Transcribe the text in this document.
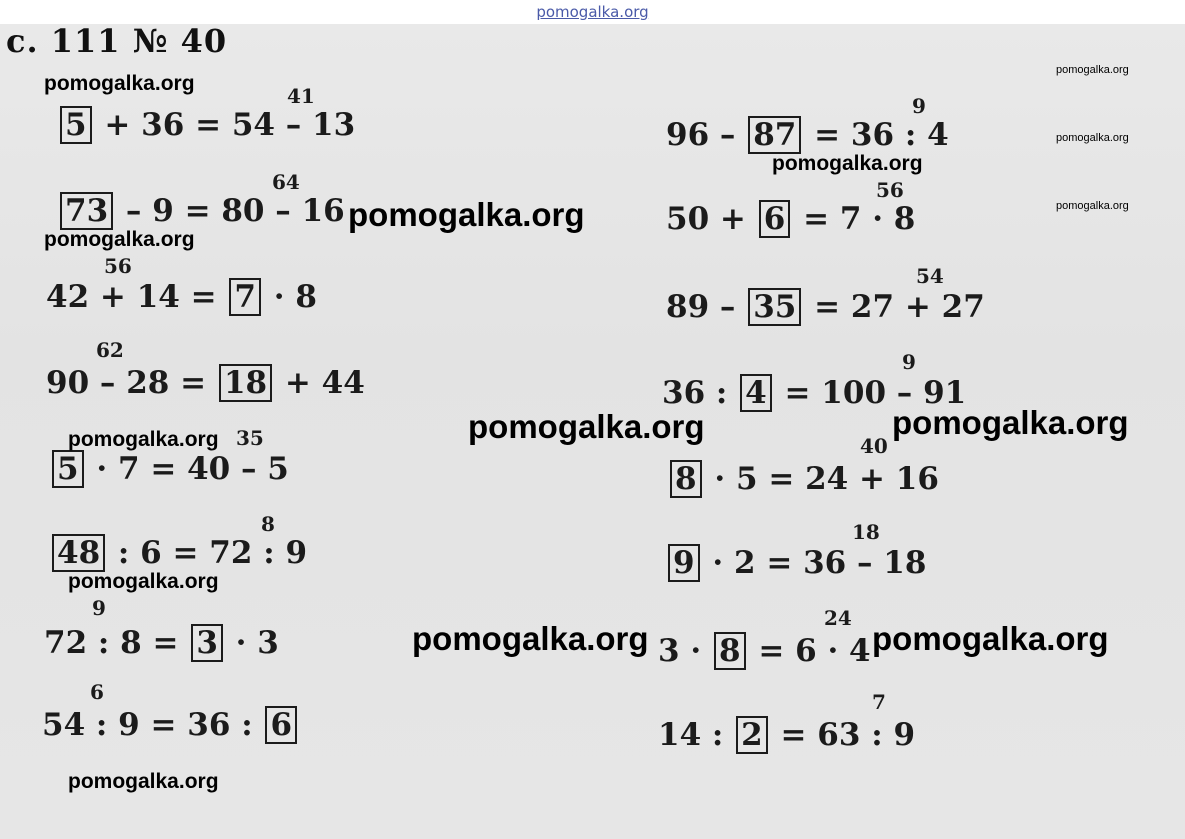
pomogalka.org
с. 111 № 40
5 + 36 = 54 – 13
41
73 – 9 = 80 – 16
64
42 + 14 = 7 · 8
56
90 – 28 = 18 + 44
62
5 · 7 = 40 – 5
35
48 : 6 = 72 : 9
8
72 : 8 = 3 · 3
9
54 : 9 = 36 : 6
6
96 – 87 = 36 : 4
9
50 + 6 = 7 · 8
56
89 – 35 = 27 + 27
54
36 : 4 = 100 – 91
9
8 · 5 = 24 + 16
40
9 · 2 = 36 – 18
18
3 · 8 = 6 · 4
24
14 : 2 = 63 : 9
7
pomogalka.org
pomogalka.org
pomogalka.org
pomogalka.org	pomogalka.org	pomogalka.org
pomogalka.org
pomogalka.org	pomogalka.org
pomogalka.org
pomogalka.org
pomogalka.org
pomogalka.org
pomogalka.org
